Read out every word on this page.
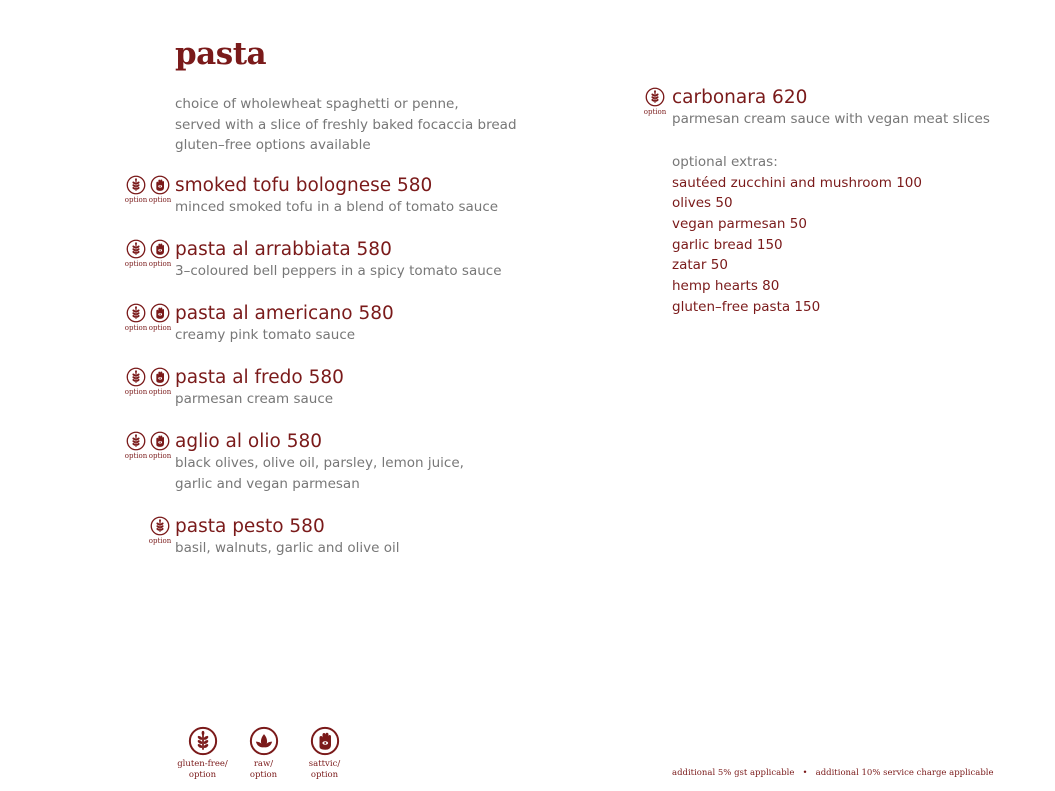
pasta
choice of wholewheat spaghetti or penne,
served with a slice of freshly baked focaccia bread
gluten–free options available
option option
smoked tofu bolognese 580
minced smoked tofu in a blend of tomato sauce
option option
pasta al arrabbiata 580
3–coloured bell peppers in a spicy tomato sauce
option option
pasta al americano 580
creamy pink tomato sauce
option option
pasta al fredo 580
parmesan cream sauce
option option
aglio al olio 580
black olives, olive oil, parsley, lemon juice,
garlic and vegan parmesan
option
pasta pesto 580
basil, walnuts, garlic and olive oil
option
carbonara 620
parmesan cream sauce with vegan meat slices
optional extras:
sautéed zucchini and mushroom 100
olives 50
vegan parmesan 50
garlic bread 150
zatar 50
hemp hearts 80
gluten–free pasta 150
gluten-free/
option
raw/
option
sattvic/
option	additional 5% gst applicable • additional 10% service charge applicable
